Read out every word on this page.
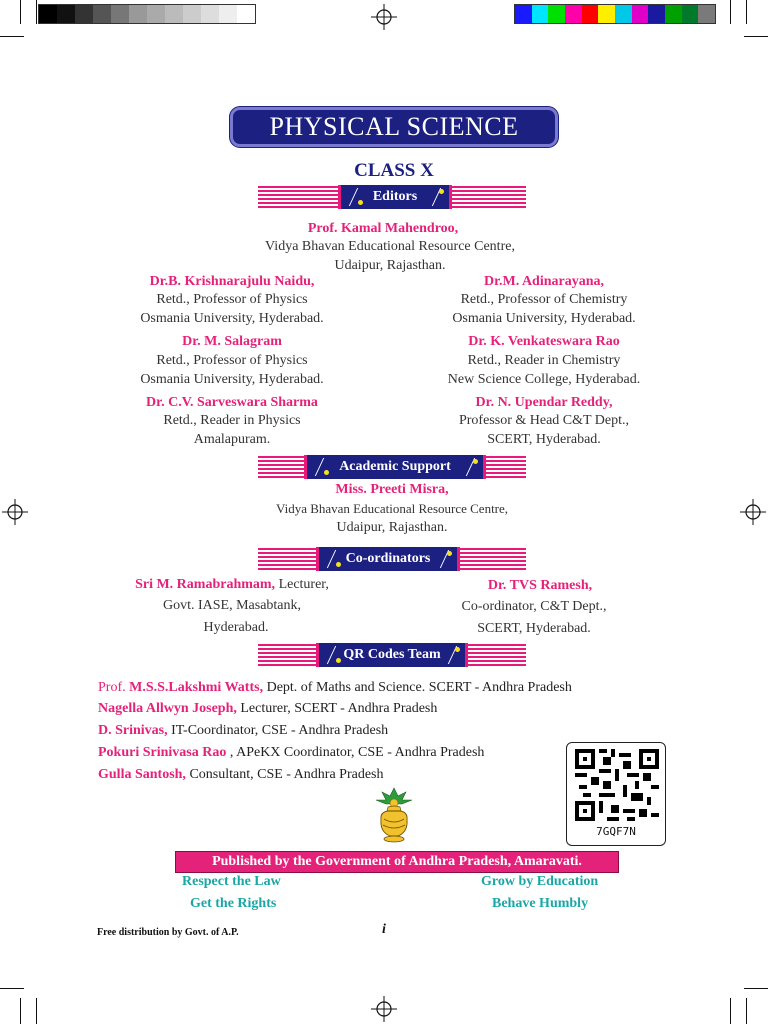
PHYSICAL SCIENCE
CLASS X
Editors
Prof. Kamal Mahendroo,
Vidya Bhavan Educational Resource Centre,
Udaipur, Rajasthan.
Dr.B. Krishnarajulu Naidu,
Retd., Professor of Physics
Osmania University, Hyderabad.
Dr. M. Salagram
Retd., Professor of Physics
Osmania University, Hyderabad.
Dr. C.V. Sarveswara Sharma
Retd., Reader in Physics
Amalapuram.
Dr.M. Adinarayana,
Retd., Professor of Chemistry
Osmania University, Hyderabad.
Dr. K. Venkateswara Rao
Retd., Reader in Chemistry
New Science College, Hyderabad.
Dr. N. Upendar Reddy,
Professor & Head C&T Dept.,
SCERT, Hyderabad.
Academic Support
Miss. Preeti Misra,
Vidya Bhavan Educational Resource Centre,
Udaipur, Rajasthan.
Co-ordinators
Sri M. Ramabrahmam, Lecturer,
Govt. IASE, Masabtank,
Hyderabad.
Dr. TVS Ramesh,
Co-ordinator, C&T Dept.,
SCERT, Hyderabad.
QR Codes Team
Prof. M.S.S.Lakshmi Watts, Dept. of Maths and Science. SCERT - Andhra Pradesh
Nagella Allwyn Joseph, Lecturer, SCERT - Andhra Pradesh
D. Srinivas, IT-Coordinator, CSE - Andhra Pradesh
Pokuri Srinivasa Rao , APeKX Coordinator, CSE - Andhra Pradesh
Gulla Santosh, Consultant, CSE - Andhra Pradesh
7GQF7N
Published by the Government of Andhra Pradesh, Amaravati.
Respect the Law
Get the Rights
Grow by Education
Behave Humbly
Free distribution by Govt. of A.P.	i
